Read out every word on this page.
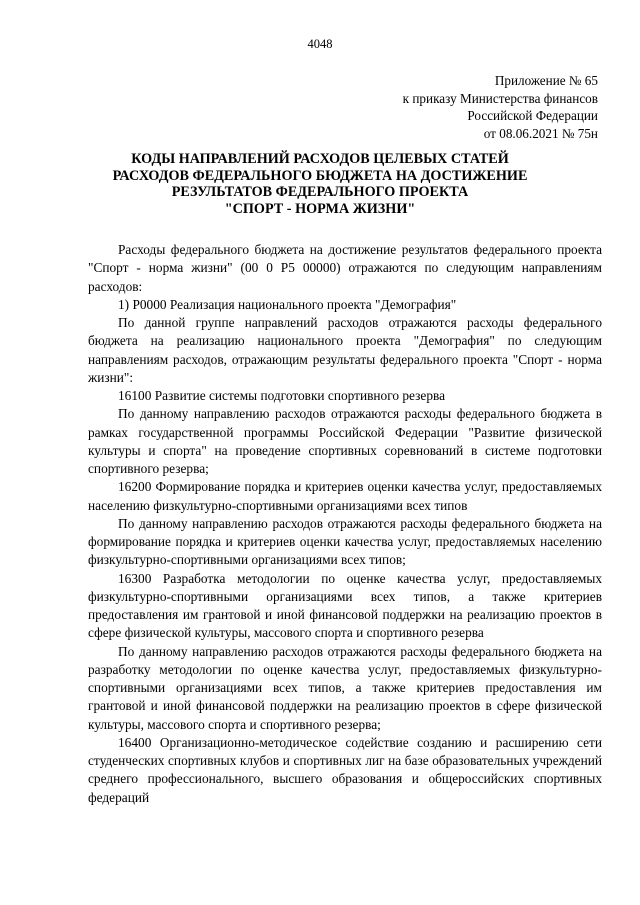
4048
Приложение № 65
к приказу Министерства финансов
Российской Федерации
от 08.06.2021 № 75н
КОДЫ НАПРАВЛЕНИЙ РАСХОДОВ ЦЕЛЕВЫХ СТАТЕЙ
РАСХОДОВ ФЕДЕРАЛЬНОГО БЮДЖЕТА НА ДОСТИЖЕНИЕ
РЕЗУЛЬТАТОВ ФЕДЕРАЛЬНОГО ПРОЕКТА
"СПОРТ - НОРМА ЖИЗНИ"

Расходы федерального бюджета на достижение результатов федерального проекта "Спорт - норма жизни" (00 0 Р5 00000) отражаются по следующим направлениям расходов:

1) Р0000 Реализация национального проекта "Демография"

По данной группе направлений расходов отражаются расходы федерального бюджета на реализацию национального проекта "Демография" по следующим направлениям расходов, отражающим результаты федерального проекта "Спорт - норма жизни":

16100 Развитие системы подготовки спортивного резерва

По данному направлению расходов отражаются расходы федерального бюджета в рамках государственной программы Российской Федерации "Развитие физической культуры и спорта" на проведение спортивных соревнований в системе подготовки спортивного резерва;

16200 Формирование порядка и критериев оценки качества услуг, предоставляемых населению физкультурно-спортивными организациями всех типов

По данному направлению расходов отражаются расходы федерального бюджета на формирование порядка и критериев оценки качества услуг, предоставляемых населению физкультурно-спортивными организациями всех типов;

16300 Разработка методологии по оценке качества услуг, предоставляемых физкультурно-спортивными организациями всех типов, а также критериев предоставления им грантовой и иной финансовой поддержки на реализацию проектов в сфере физической культуры, массового спорта и спортивного резерва

По данному направлению расходов отражаются расходы федерального бюджета на разработку методологии по оценке качества услуг, предоставляемых физкультурно-спортивными организациями всех типов, а также критериев предоставления им грантовой и иной финансовой поддержки на реализацию проектов в сфере физической культуры, массового спорта и спортивного резерва;

16400 Организационно-методическое содействие созданию и расширению сети студенческих спортивных клубов и спортивных лиг на базе образовательных учреждений среднего профессионального, высшего образования и общероссийских спортивных федераций
